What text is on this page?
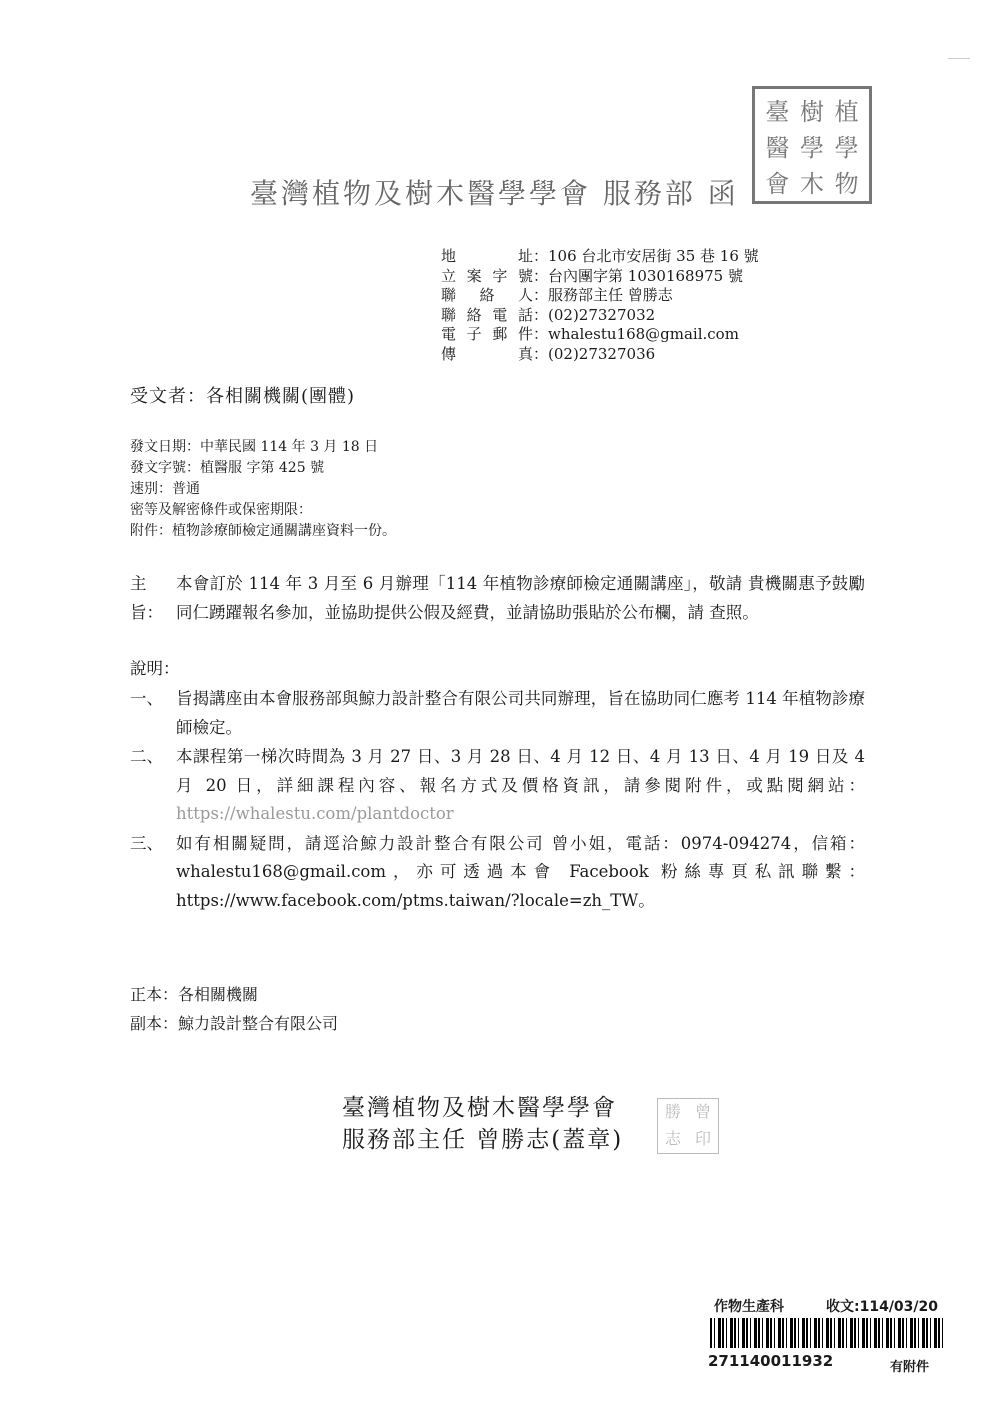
臺灣植物及樹木醫學學會 服務部 函
臺 樹 植
醫 學 學
會 木 物
地址 ： 106 台北市安居街 35 巷 16 號
立案字號 ： 台內團字第 1030168975 號
聯絡人 ： 服務部主任 曾勝志
聯絡電話 ： (02)27327032
電子郵件 ： whalestu168@gmail.com
傳真 ： (02)27327036
受文者：各相關機關(團體)
發文日期：中華民國 114 年 3 月 18 日
發文字號：植醫服 字第 425 號
速別：普通
密等及解密條件或保密期限：
附件：植物診療師檢定通關講座資料一份。
主旨：
本會訂於 114 年 3 月至 6 月辦理「114 年植物診療師檢定通關講座」，敬請 貴機關惠予鼓勵同仁踴躍報名參加，並協助提供公假及經費，並請協助張貼於公布欄，請 查照。
說明：
一、 旨揭講座由本會服務部與鯨力設計整合有限公司共同辦理，旨在協助同仁應考 114 年植物診療師檢定。
二、 本課程第一梯次時間為 3 月 27 日、3 月 28 日、4 月 12 日、4 月 13 日、4 月 19 日及 4 月 20 日，詳細課程內容、報名方式及價格資訊，請參閱附件，或點閱網站：https://whalestu.com/plantdoctor
三、 如有相關疑問，請逕洽鯨力設計整合有限公司 曾小姐，電話：0974-094274，信箱：whalestu168@gmail.com，亦可透過本會 Facebook 粉絲專頁私訊聯繫：https://www.facebook.com/ptms.taiwan/?locale=zh_TW。
正本：各相關機關
副本：鯨力設計整合有限公司
臺灣植物及樹木醫學學會
服務部主任 曾勝志(蓋章)
勝 曾
志 印
作物生產科	收文:114/03/20
271140011932	有附件
